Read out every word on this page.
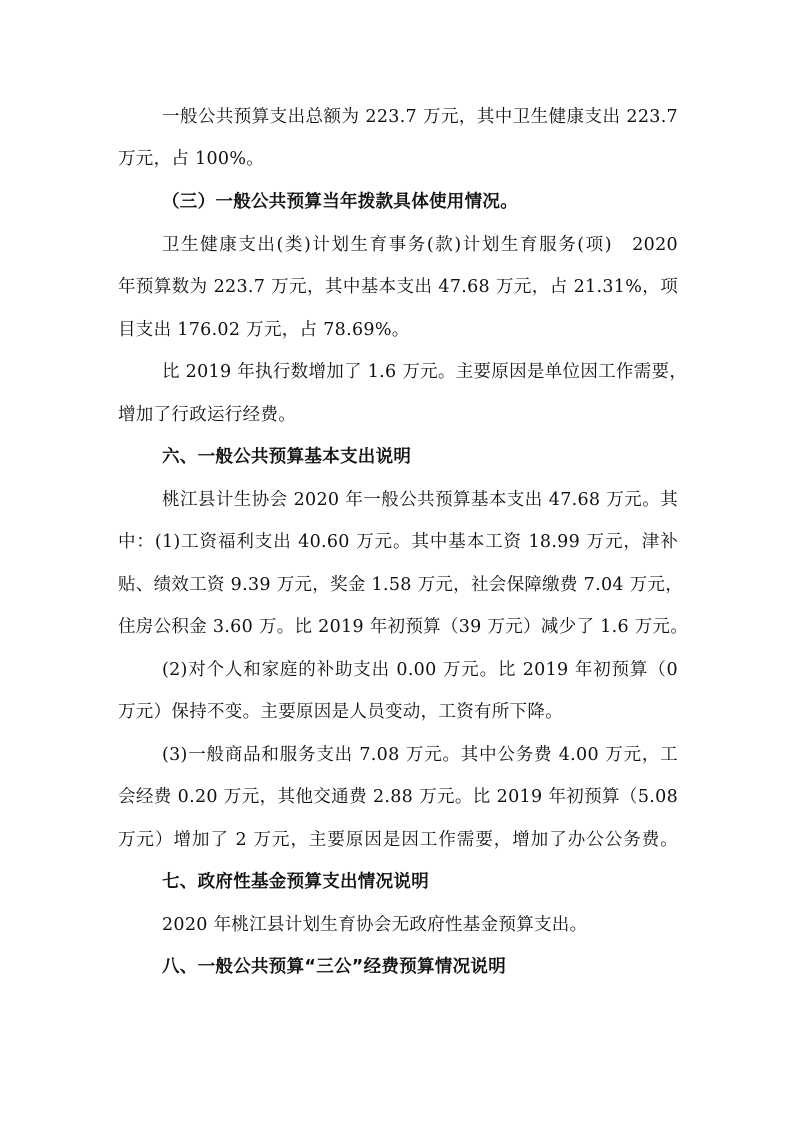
一般公共预算支出总额为 223.7 万元，其中卫生健康支出 223.7
万元，占 100%。
（三）一般公共预算当年拨款具体使用情况。
卫生健康支出(类)计划生育事务(款)计划生育服务(项)　2020
年预算数为 223.7 万元，其中基本支出 47.68 万元，占 21.31%，项
目支出 176.02 万元，占 78.69%。
比 2019 年执行数增加了 1.6 万元。主要原因是单位因工作需要，
增加了行政运行经费。
六、一般公共预算基本支出说明
桃江县计生协会 2020 年一般公共预算基本支出 47.68 万元。其
中：(1)工资福利支出 40.60 万元。其中基本工资 18.99 万元，津补
贴、绩效工资 9.39 万元，奖金 1.58 万元，社会保障缴费 7.04 万元，
住房公积金 3.60 万。比 2019 年初预算（39 万元）减少了 1.6 万元。
(2)对个人和家庭的补助支出 0.00 万元。比 2019 年初预算（0
万元）保持不变。主要原因是人员变动，工资有所下降。
(3)一般商品和服务支出 7.08 万元。其中公务费 4.00 万元，工
会经费 0.20 万元，其他交通费 2.88 万元。比 2019 年初预算（5.08
万元）增加了 2 万元，主要原因是因工作需要，增加了办公公务费。
七、政府性基金预算支出情况说明
2020 年桃江县计划生育协会无政府性基金预算支出。
八、一般公共预算“三公”经费预算情况说明
